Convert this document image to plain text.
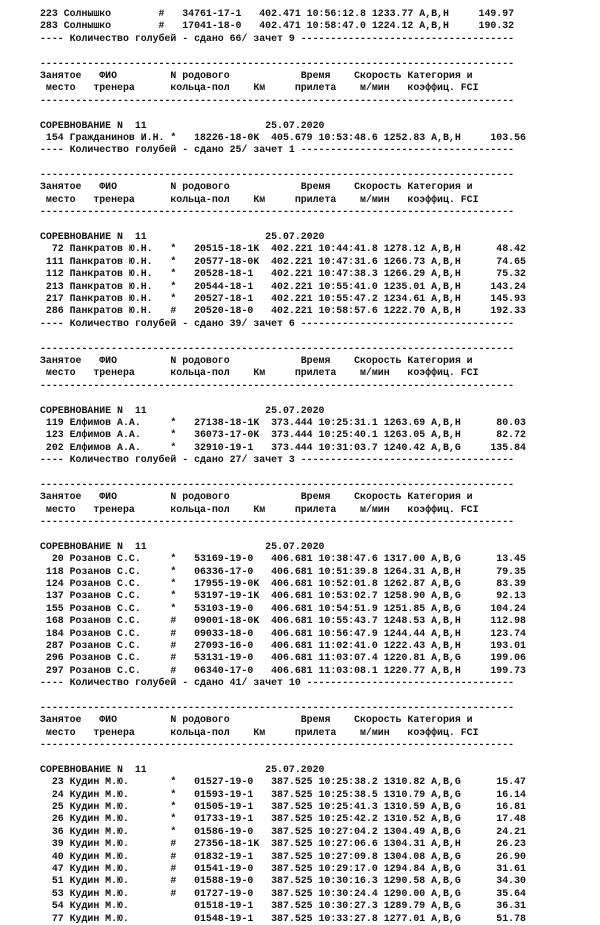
223 Солнышко        #   34761-17-1   402.471 10:56:12.8 1233.77 A,B,H     149.97
283 Солнышко        #   17041-18-0   402.471 10:58:47.0 1224.12 A,B,H     190.32
---- Количество голубей - сдано 66/ зачет 9 ------------------------------------
--------------------------------------------------------------------------------
Занятое   ФИО         N родового            Время    Скорость Категория и
место   тренера      кольца-пол    Км     прилета    м/мин   коэффиц. FCI
--------------------------------------------------------------------------------
СОРЕВНОВАНИЕ N  11                    25.07.2020
154 Гражданинов И.Н. *   18226-18-0K  405.679 10:53:48.6 1252.83 A,B,H     103.56
---- Количество голубей - сдано 25/ зачет 1 ------------------------------------
--------------------------------------------------------------------------------
Занятое   ФИО         N родового            Время    Скорость Категория и
место   тренера      кольца-пол    Км     прилета    м/мин   коэффиц. FCI
--------------------------------------------------------------------------------
СОРЕВНОВАНИЕ N  11                    25.07.2020
72 Панкратов Ю.Н.   *   20515-18-1K  402.221 10:44:41.8 1278.12 A,B,H      48.42
111 Панкратов Ю.Н.   *   20577-18-0K  402.221 10:47:31.6 1266.73 A,B,H      74.65
112 Панкратов Ю.Н.   *   20528-18-1   402.221 10:47:38.3 1266.29 A,B,H      75.32
213 Панкратов Ю.Н.   *   20544-18-1   402.221 10:55:41.0 1235.01 A,B,H     143.24
217 Панкратов Ю.Н.   *   20527-18-1   402.221 10:55:47.2 1234.61 A,B,H     145.93
286 Панкратов Ю.Н.   #   20520-18-0   402.221 10:58:57.6 1222.70 A,B,H     192.33
---- Количество голубей - сдано 39/ зачет 6 ------------------------------------
--------------------------------------------------------------------------------
Занятое   ФИО         N родового            Время    Скорость Категория и
место   тренера      кольца-пол    Км     прилета    м/мин   коэффиц. FCI
--------------------------------------------------------------------------------
СОРЕВНОВАНИЕ N  11                    25.07.2020
119 Елфимов А.А.     *   27138-18-1K  373.444 10:25:31.1 1263.69 A,B,H      80.03
123 Елфимов А.А.     *   36073-17-0K  373.444 10:25:40.1 1263.05 A,B,H      82.72
202 Елфимов А.А.     *   32910-19-1   373.444 10:31:03.7 1240.42 A,B,G     135.84
---- Количество голубей - сдано 27/ зачет 3 ------------------------------------
--------------------------------------------------------------------------------
Занятое   ФИО         N родового            Время    Скорость Категория и
место   тренера      кольца-пол    Км     прилета    м/мин   коэффиц. FCI
--------------------------------------------------------------------------------
СОРЕВНОВАНИЕ N  11                    25.07.2020
20 Розанов С.С.     *   53169-19-0   406.681 10:38:47.6 1317.00 A,B,G      13.45
118 Розанов С.С.     *   06336-17-0   406.681 10:51:39.8 1264.31 A,B,H      79.35
124 Розанов С.С.     *   17955-19-0K  406.681 10:52:01.8 1262.87 A,B,G      83.39
137 Розанов С.С.     *   53197-19-1K  406.681 10:53:02.7 1258.90 A,B,G      92.13
155 Розанов С.С.     *   53103-19-0   406.681 10:54:51.9 1251.85 A,B,G     104.24
168 Розанов С.С.     #   09001-18-0K  406.681 10:55:43.7 1248.53 A,B,H     112.98
184 Розанов С.С.     #   09033-18-0   406.681 10:56:47.9 1244.44 A,B,H     123.74
287 Розанов С.С.     #   27093-16-0   406.681 11:02:41.0 1222.43 A,B,H     193.01
296 Розанов С.С.     #   53131-19-0   406.681 11:03:07.4 1220.81 A,B,G     199.06
297 Розанов С.С.     #   06340-17-0   406.681 11:03:08.1 1220.77 A,B,H     199.73
---- Количество голубей - сдано 41/ зачет 10 -----------------------------------
--------------------------------------------------------------------------------
Занятое   ФИО         N родового            Время    Скорость Категория и
место   тренера      кольца-пол    Км     прилета    м/мин   коэффиц. FCI
--------------------------------------------------------------------------------
СОРЕВНОВАНИЕ N  11                    25.07.2020
23 Кудин М.Ю.       *   01527-19-0   387.525 10:25:38.2 1310.82 A,B,G      15.47
24 Кудин М.Ю.       *   01593-19-1   387.525 10:25:38.5 1310.79 A,B,G      16.14
25 Кудин М.Ю.       *   01505-19-1   387.525 10:25:41.3 1310.59 A,B,G      16.81
26 Кудин М.Ю.       *   01733-19-1   387.525 10:25:42.2 1310.52 A,B,G      17.48
36 Кудин М.Ю.       *   01586-19-0   387.525 10:27:04.2 1304.49 A,B,G      24.21
39 Кудин М.Ю.       #   27356-18-1K  387.525 10:27:06.6 1304.31 A,B,H      26.23
40 Кудин М.Ю.       #   01832-19-1   387.525 10:27:09.8 1304.08 A,B,G      26.90
47 Кудин М.Ю.       #   01541-19-0   387.525 10:29:17.0 1294.84 A,B,G      31.61
51 Кудин М.Ю.       #   01588-19-0   387.525 10:30:16.3 1290.58 A,B,G      34.30
53 Кудин М.Ю.       #   01727-19-0   387.525 10:30:24.4 1290.00 A,B,G      35.64
54 Кудин М.Ю.           01518-19-1   387.525 10:30:27.3 1289.79 A,B,G      36.31
77 Кудин М.Ю.           01548-19-1   387.525 10:33:27.8 1277.01 A,B,G      51.78
